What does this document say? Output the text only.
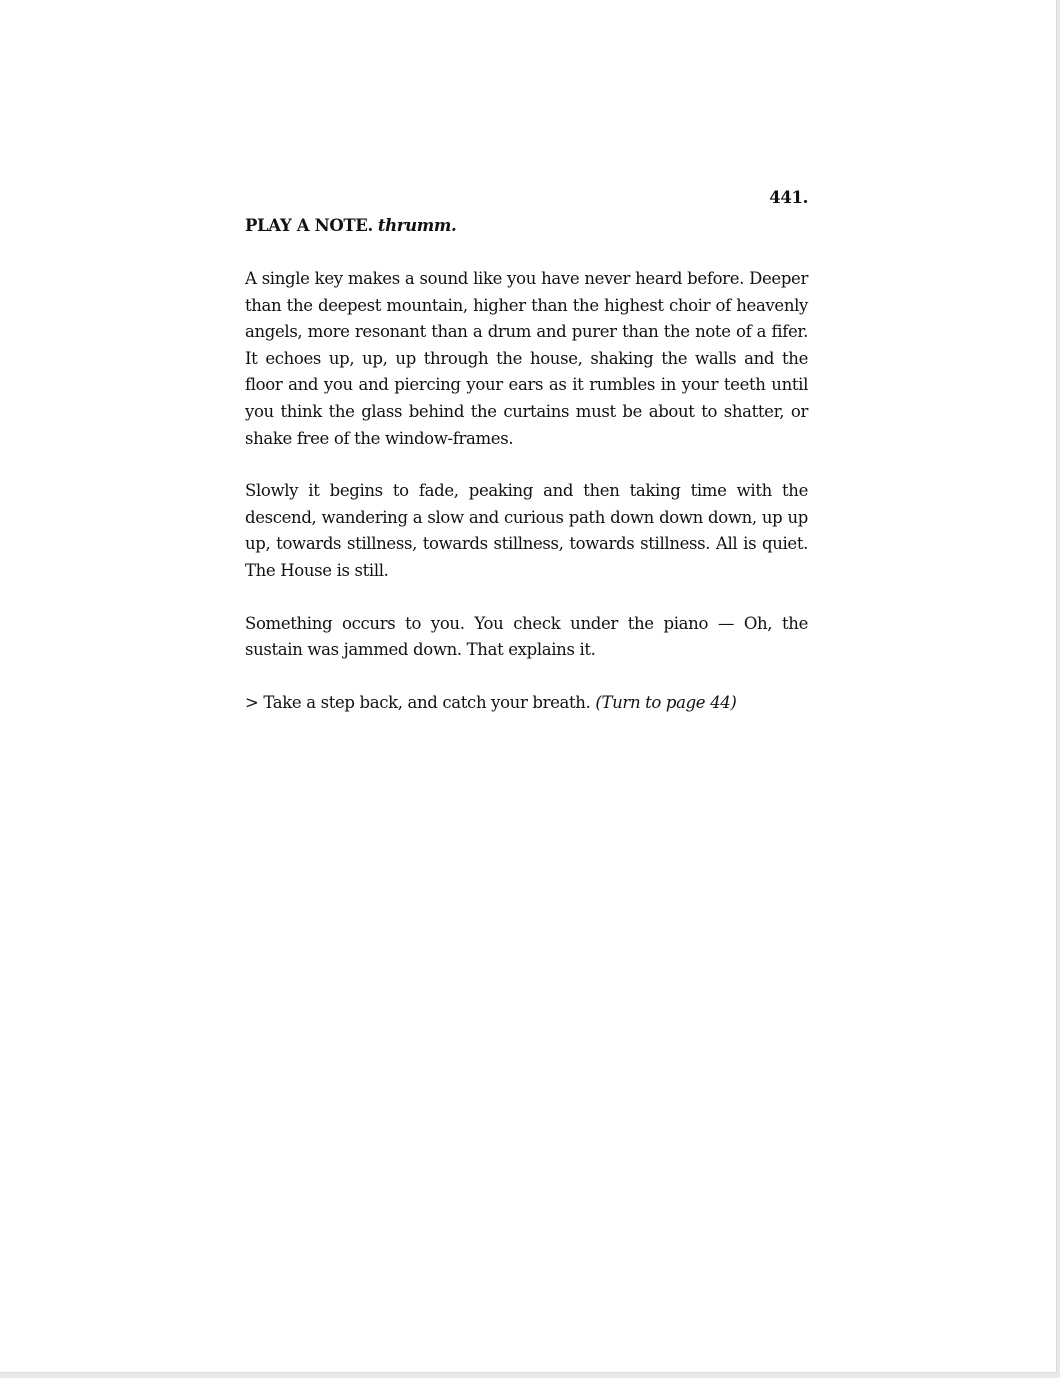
441.
PLAY A NOTE. thrumm.

A single key makes a sound like you have never heard before. Deeper than the deepest mountain, higher than the highest choir of heavenly angels, more resonant than a drum and purer than the note of a fifer. It echoes up, up, up through the house, shaking the walls and the floor and you and piercing your ears as it rumbles in your teeth until you think the glass behind the curtains must be about to shatter, or shake free of the window-frames.

Slowly it begins to fade, peaking and then taking time with the descend, wandering a slow and curious path down down down, up up up, towards stillness, towards stillness, towards stillness. All is quiet. The House is still.

Something occurs to you. You check under the piano — Oh, the sustain was jammed down. That explains it.

> Take a step back, and catch your breath. (Turn to page 44)
